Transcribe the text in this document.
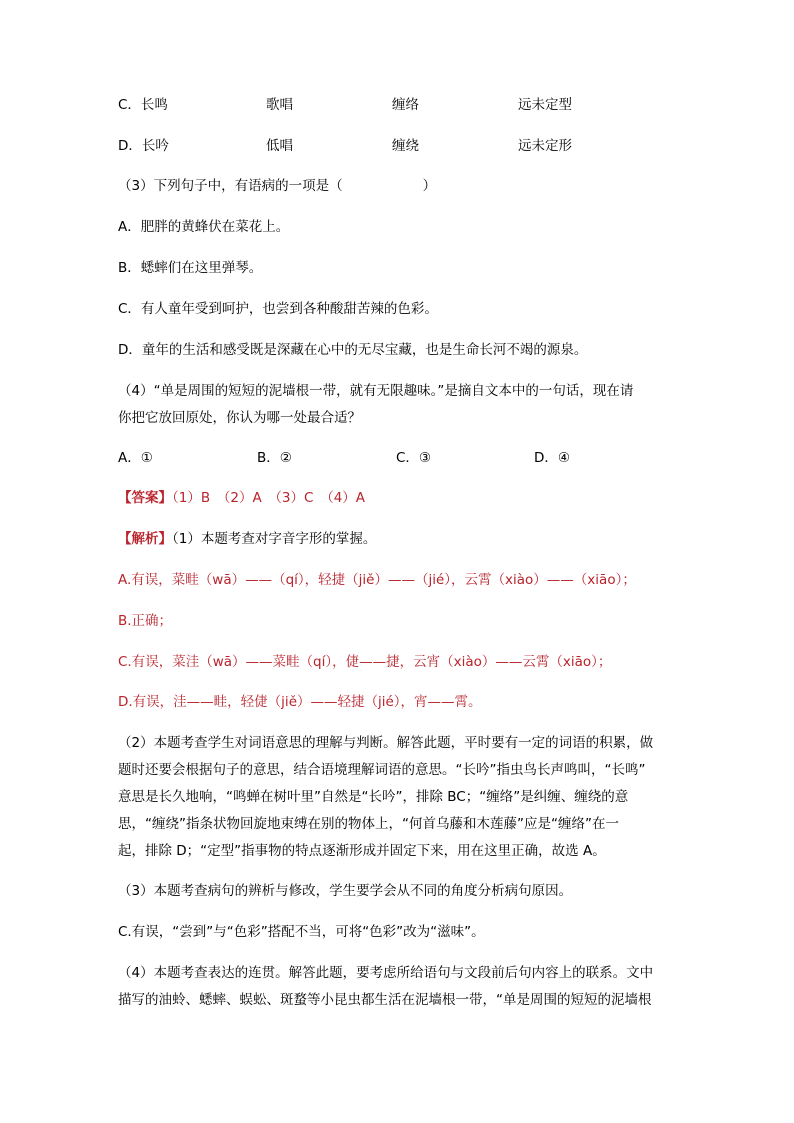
C．长鸣	歌唱	缠络	远未定型
D．长吟	低唱	缠绕	远未定形
（3）下列句子中，有语病的一项是（	）
A．肥胖的黄蜂伏在菜花上。
B．蟋蟀们在这里弹琴。
C．有人童年受到呵护，也尝到各种酸甜苦辣的色彩。
D．童年的生活和感受既是深藏在心中的无尽宝藏，也是生命长河不竭的源泉。
（4）“单是周围的短短的泥墙根一带，就有无限趣味。”是摘自文本中的一句话，现在请
你把它放回原处，你认为哪一处最合适？
A．①	B．②	C．③	D．④
【答案】（1）B　（2）A　（3）C　（4）A
【解析】（1）本题考查对字音字形的掌握。
A.有误，菜畦（wā）——（qí），轻捷（jiě）——（jié），云霄（xiào）——（xiāo）；
B.正确；
C.有误，菜洼（wā）——菜畦（qí），倢——捷，云宵（xiào）——云霄（xiāo）；
D.有误，洼——畦，轻倢（jiě）——轻捷（jié），宵——霄。
（2）本题考查学生对词语意思的理解与判断。解答此题，平时要有一定的词语的积累，做
题时还要会根据句子的意思，结合语境理解词语的意思。“长吟”指虫鸟长声鸣叫，“长鸣”
意思是长久地响，“鸣蝉在树叶里”自然是“长吟”，排除 BC；“缠络”是纠缠、缠绕的意
思，“缠绕”指条状物回旋地束缚在别的物体上，“何首乌藤和木莲藤”应是“缠络”在一
起，排除 D；“定型”指事物的特点逐渐形成并固定下来，用在这里正确，故选 A。
（3）本题考查病句的辨析与修改，学生要学会从不同的角度分析病句原因。
C.有误，“尝到”与“色彩”搭配不当，可将“色彩”改为“滋味”。
（4）本题考查表达的连贯。解答此题，要考虑所给语句与文段前后句内容上的联系。文中
描写的油蛉、蟋蟀、蜈蚣、斑蝥等小昆虫都生活在泥墙根一带，“单是周围的短短的泥墙根
